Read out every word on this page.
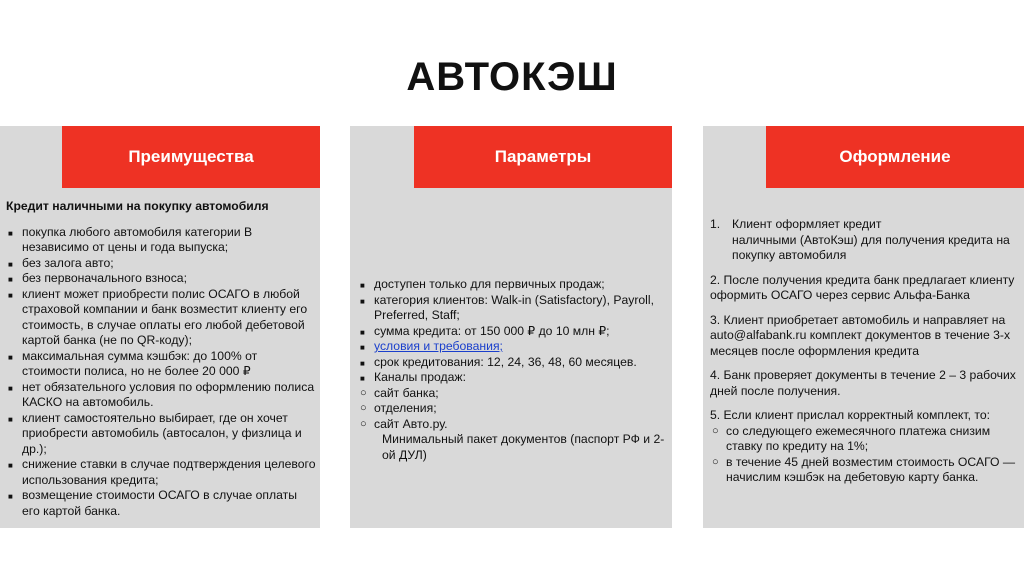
АВТОКЭШ
Преимущества
Кредит наличными на покупку автомобиля
■ покупка любого автомобиля категории В независимо от цены и года выпуска;
■ без залога авто;
■ без первоначального взноса;
■ клиент может приобрести полис ОСАГО в любой страховой компании и банк возместит клиенту его стоимость, в случае оплаты его любой дебетовой картой банка (не по QR-коду);
■ максимальная сумма кэшбэк: до 100% от стоимости полиса, но не более 20 000 ₽
■ нет обязательного условия по оформлению полиса КАСКО на автомобиль.
■ клиент самостоятельно выбирает, где он хочет приобрести автомобиль (автосалон, у физлица и др.);
■ снижение ставки в случае подтверждения целевого использования кредита;
■ возмещение стоимости ОСАГО в случае оплаты его картой банка.
Параметры
■ доступен только для первичных продаж;
■ категория клиентов: Walk-in (Satisfactory), Payroll, Preferred, Staff;
■ сумма кредита: от 150 000 ₽ до 10 млн ₽;
■ условия и требования;
■ срок кредитования: 12, 24, 36, 48, 60 месяцев.
■ Каналы продаж:
○ сайт банка;
○ отделения;
○ сайт Авто.ру.
Минимальный пакет документов (паспорт РФ и 2-ой ДУЛ)
Оформление
1. Клиент оформляет кредит
наличными (АвтоКэш) для получения кредита на покупку автомобиля
2. После получения кредита банк предлагает клиенту оформить ОСАГО через сервис Альфа-Банка
3. Клиент приобретает автомобиль и направляет на auto@alfabank.ru комплект документов в течение 3-х месяцев после оформления кредита
4. Банк проверяет документы в течение 2 – 3 рабочих дней после получения.
5. Если клиент прислал корректный комплект, то:
○ со следующего ежемесячного платежа снизим ставку по кредиту на 1%;
○ в течение 45 дней возместим стоимость ОСАГО — начислим кэшбэк на дебетовую карту банка.
